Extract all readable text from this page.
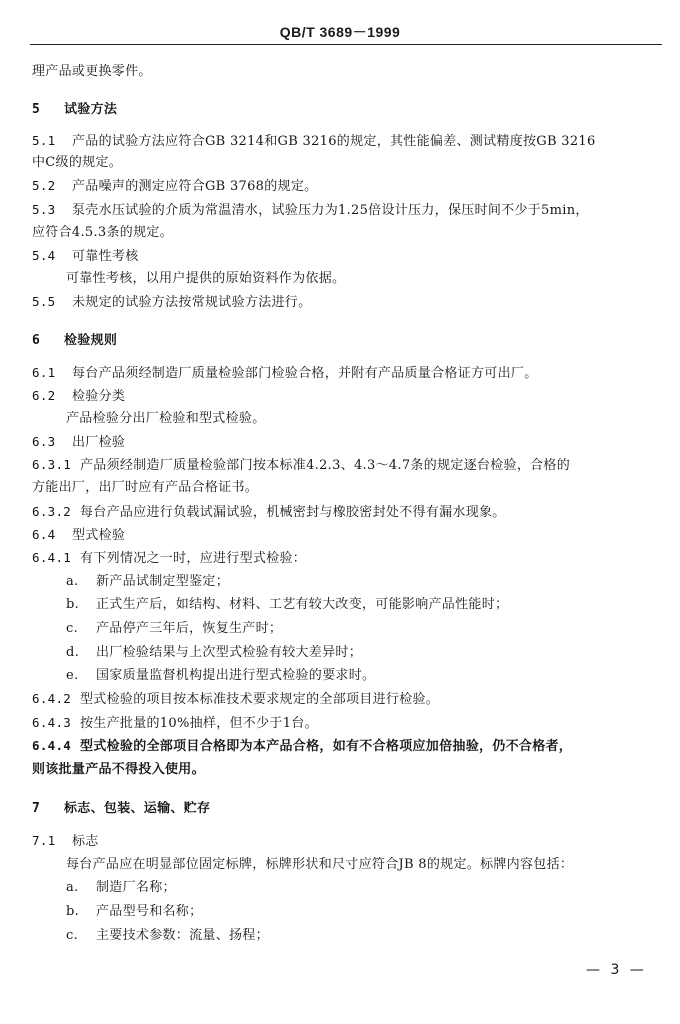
QB/T 3689－1999
理产品或更换零件。
5 试验方法
5.1 产品的试验方法应符合GB 3214和GB 3216的规定，其性能偏差、测试精度按GB 3216
中C级的规定。
5.2 产品噪声的测定应符合GB 3768的规定。
5.3 泵壳水压试验的介质为常温清水，试验压力为1.25倍设计压力，保压时间不少于5min，
应符合4.5.3条的规定。
5.4 可靠性考核
可靠性考核，以用户提供的原始资料作为依据。
5.5 未规定的试验方法按常规试验方法进行。
6 检验规则
6.1 每台产品须经制造厂质量检验部门检验合格，并附有产品质量合格证方可出厂。
6.2 检验分类
产品检验分出厂检验和型式检验。
6.3 出厂检验
6.3.1 产品须经制造厂质量检验部门按本标准4.2.3、4.3～4.7条的规定逐台检验，合格的
方能出厂，出厂时应有产品合格证书。
6.3.2 每台产品应进行负载试漏试验，机械密封与橡胶密封处不得有漏水现象。
6.4 型式检验
6.4.1 有下列情况之一时，应进行型式检验：
a. 新产品试制定型鉴定；
b. 正式生产后，如结构、材料、工艺有较大改变，可能影响产品性能时；
c. 产品停产三年后，恢复生产时；
d. 出厂检验结果与上次型式检验有较大差异时；
e. 国家质量监督机构提出进行型式检验的要求时。
6.4.2 型式检验的项目按本标准技术要求规定的全部项目进行检验。
6.4.3 按生产批量的10%抽样，但不少于1台。
6.4.4 型式检验的全部项目合格即为本产品合格，如有不合格项应加倍抽验，仍不合格者，
则该批量产品不得投入使用。
7 标志、包装、运输、贮存
7.1 标志
每台产品应在明显部位固定标牌，标牌形状和尺寸应符合JB 8的规定。标牌内容包括：
a. 制造厂名称；
b. 产品型号和名称；
c. 主要技术参数：流量、扬程；
— 3 —
